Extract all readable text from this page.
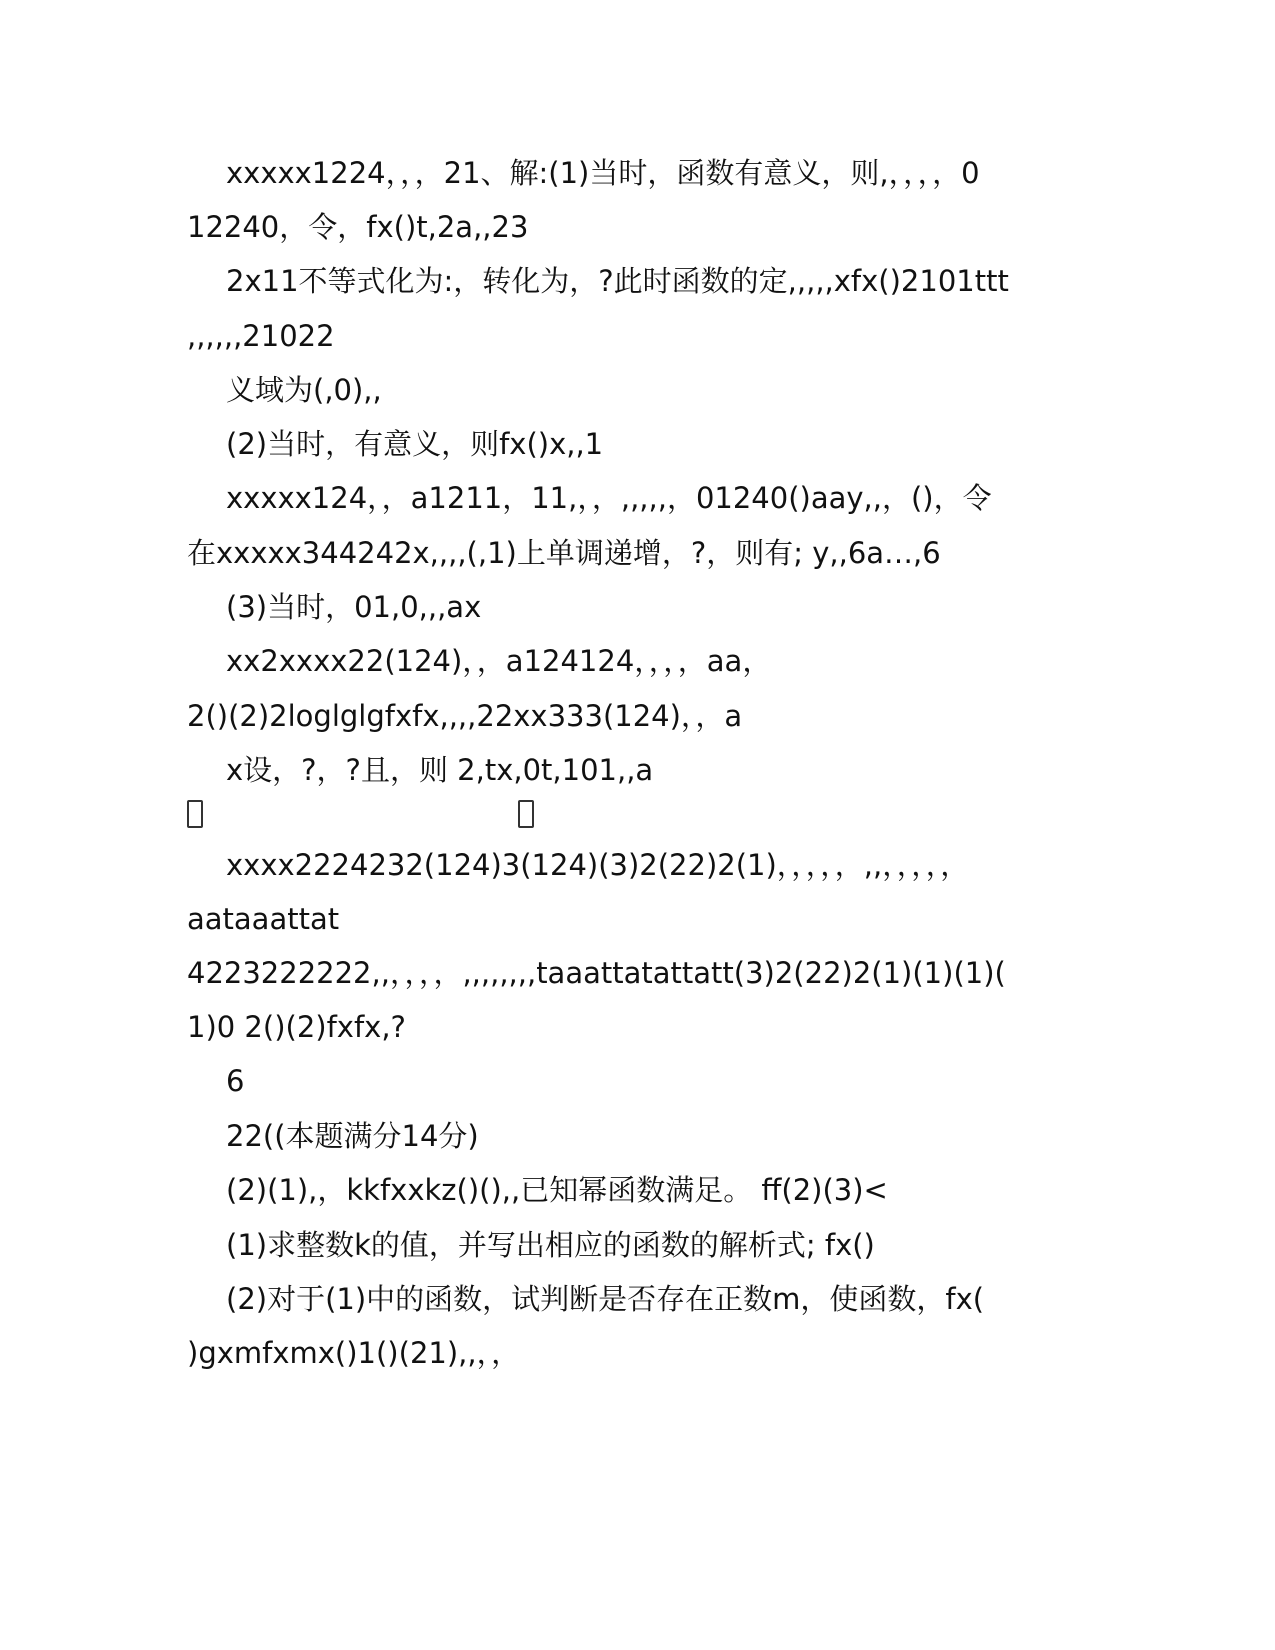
xxxxx1224，，，21、解:(1)当时，函数有意义，则,，，，，0
12240，令，fx()t,2a,,23
2x11不等式化为:，转化为，?此时函数的定,,,,,xfx()2101ttt
,,,,,,21022
义域为(,0),,
(2)当时，有意义，则fx()x,,1
xxxxx124，，a1211，11,，，,,,,,，01240()aay,,，()，令
在xxxxx344242x,,,,(,1)上单调递增，?，则有; y,,6a…,6
(3)当时，01,0,,,ax
xx2xxxx22(124)，，a124124，，，，aa，
2()(2)2loglglgfxfx,,,,22xx333(124)，，a
x设，?，?且，则 2,tx,0t,101,,a
xxxx2224232(124)3(124)(3)2(22)2(1)，，，，，,,，，，，，
aataaattat
4223222222,,，，，，,,,,,,,,taaattatattatt(3)2(22)2(1)(1)(1)(
1)0 2()(2)fxfx,?
6
22((本题满分14分)
(2)(1),，kkfxxkz()(),,已知幂函数满足。 ff(2)(3)<
(1)求整数k的值，并写出相应的函数的解析式; fx()
(2)对于(1)中的函数，试判断是否存在正数m，使函数，fx(
)gxmfxmx()1()(21),,，，
